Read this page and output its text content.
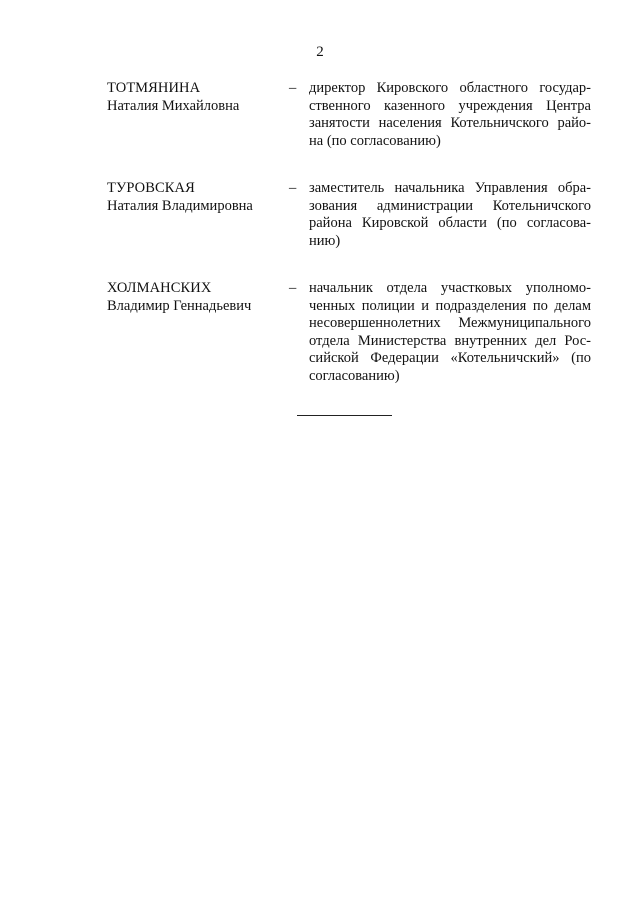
2
ТОТМЯНИНА
Наталия Михайловна
– директор Кировского областного государ-
ственного казенного учреждения Центра
занятости населения Котельничского райо-
на (по согласованию)
ТУРОВСКАЯ
Наталия Владимировна
– заместитель начальника Управления обра-
зования администрации Котельничского
района Кировской области (по согласова-
нию)
ХОЛМАНСКИХ
Владимир Геннадьевич
– начальник отдела участковых уполномо-
ченных полиции и подразделения по делам
несовершеннолетних Межмуниципального
отдела Министерства внутренних дел Рос-
сийской Федерации «Котельничский» (по
согласованию)
